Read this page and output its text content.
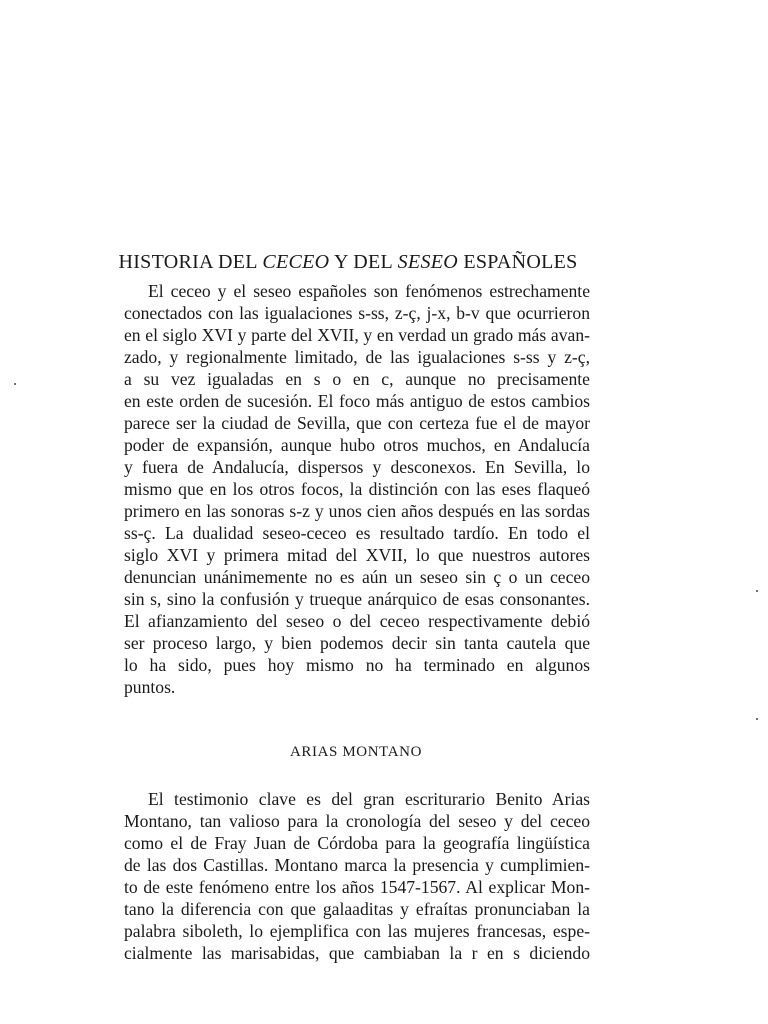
HISTORIA DEL CECEO Y DEL SESEO ESPAÑOLES

El ceceo y el seseo españoles son fenómenos estrechamente
conectados con las igualaciones s-ss, z-ç, j-x, b-v que ocurrieron
en el siglo XVI y parte del XVII, y en verdad un grado más avan-
zado, y regionalmente limitado, de las igualaciones s-ss y z-ç,
a su vez igualadas en s o en c, aunque no precisamente
en este orden de sucesión. El foco más antiguo de estos cambios
parece ser la ciudad de Sevilla, que con certeza fue el de mayor
poder de expansión, aunque hubo otros muchos, en Andalucía
y fuera de Andalucía, dispersos y desconexos. En Sevilla, lo
mismo que en los otros focos, la distinción con las eses flaqueó
primero en las sonoras s-z y unos cien años después en las sordas
ss-ç. La dualidad seseo-ceceo es resultado tardío. En todo el
siglo XVI y primera mitad del XVII, lo que nuestros autores
denuncian unánimemente no es aún un seseo sin ç o un ceceo
sin s, sino la confusión y trueque anárquico de esas consonantes.
El afianzamiento del seseo o del ceceo respectivamente debió
ser proceso largo, y bien podemos decir sin tanta cautela que
lo ha sido, pues hoy mismo no ha terminado en algunos
puntos.

ARIAS MONTANO

El testimonio clave es del gran escriturario Benito Arias
Montano, tan valioso para la cronología del seseo y del ceceo
como el de Fray Juan de Córdoba para la geografía lingüística
de las dos Castillas. Montano marca la presencia y cumplimien-
to de este fenómeno entre los años 1547-1567. Al explicar Mon-
tano la diferencia con que galaaditas y efraítas pronunciaban la
palabra siboleth, lo ejemplifica con las mujeres francesas, espe-
cialmente las marisabidas, que cambiaban la r en s diciendo
